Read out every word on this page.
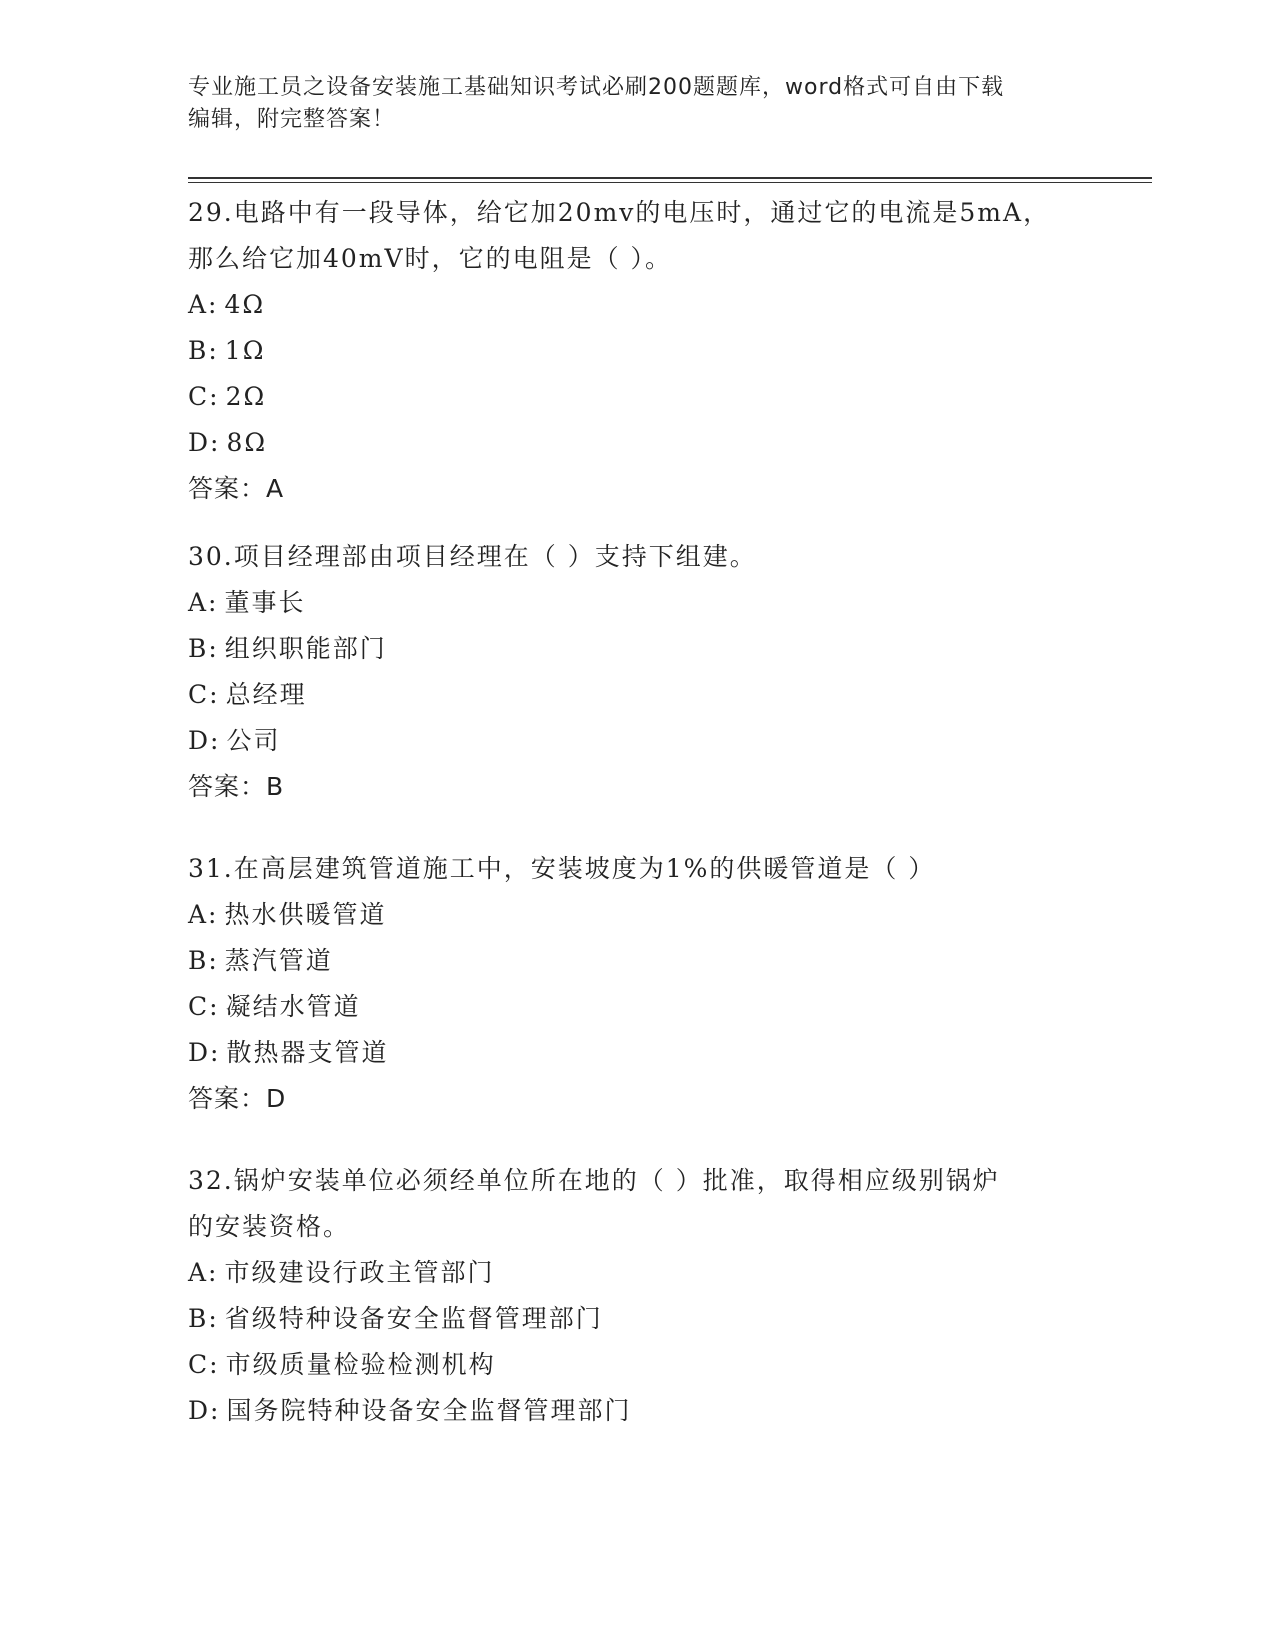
专业施工员之设备安装施工基础知识考试必刷200题题库，word格式可自由下载
编辑，附完整答案！
29.电路中有一段导体，给它加20mv的电压时，通过它的电流是5mA，
那么给它加40mV时，它的电阻是（ ）。
A: 4Ω
B: 1Ω
C: 2Ω
D: 8Ω
答案：A
30.项目经理部由项目经理在（ ）支持下组建。
A: 董事长
B: 组织职能部门
C: 总经理
D: 公司
答案：B
31.在高层建筑管道施工中，安装坡度为1%的供暖管道是（ ）
A: 热水供暖管道
B: 蒸汽管道
C: 凝结水管道
D: 散热器支管道
答案：D
32.锅炉安装单位必须经单位所在地的（ ）批准，取得相应级别锅炉
的安装资格。
A: 市级建设行政主管部门
B: 省级特种设备安全监督管理部门
C: 市级质量检验检测机构
D: 国务院特种设备安全监督管理部门
